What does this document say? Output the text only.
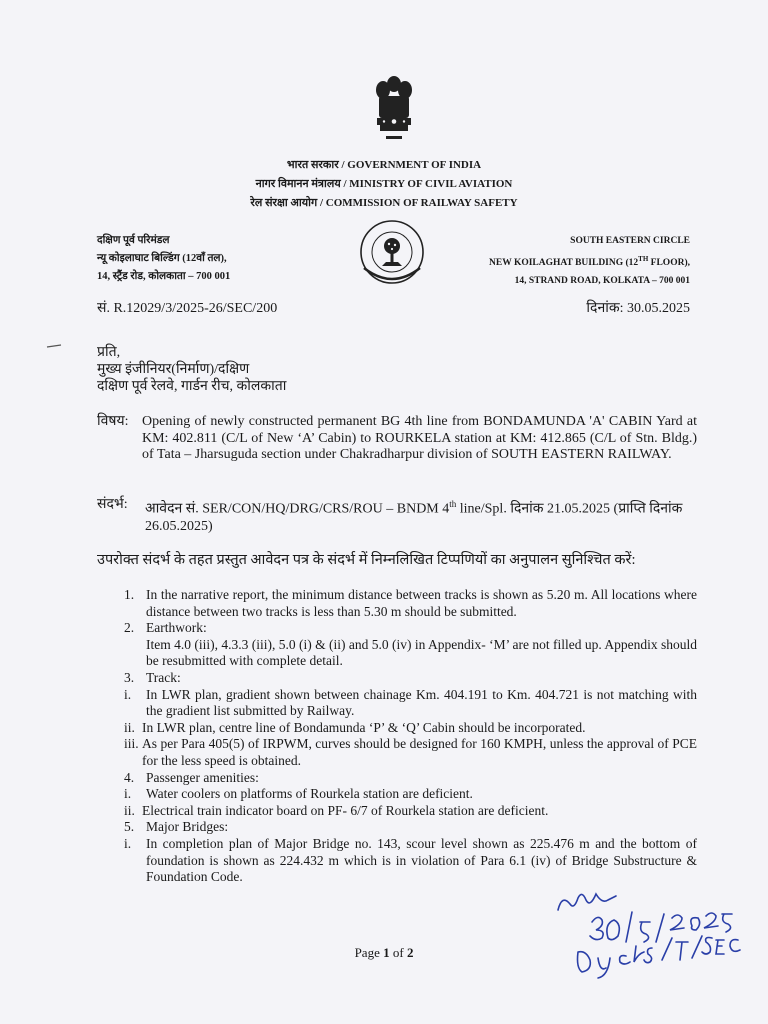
भारत सरकार / GOVERNMENT OF INDIA
नागर विमानन मंत्रालय / MINISTRY OF CIVIL AVIATION
रेल संरक्षा आयोग / COMMISSION OF RAILWAY SAFETY
दक्षिण पूर्व परिमंडल
न्यू कोइलाघाट बिल्डिंग (12वाँ तल),
14, स्ट्रैंड रोड, कोलकाता – 700 001
SOUTH EASTERN CIRCLE
NEW KOILAGHAT BUILDING (12TH FLOOR),
14, STRAND ROAD, KOLKATA – 700 001
सं. R.12029/3/2025-26/SEC/200	दिनांक: 30.05.2025
प्रति,
मुख्य इंजीनियर(निर्माण)/दक्षिण
दक्षिण पूर्व रेलवे, गार्डन रीच, कोलकाता
विषय: Opening of newly constructed permanent BG 4th line from BONDAMUNDA 'A' CABIN Yard at KM: 402.811 (C/L of New ‘A’ Cabin) to ROURKELA station at KM: 412.865 (C/L of Stn. Bldg.) of Tata – Jharsuguda section under Chakradharpur division of SOUTH EASTERN RAILWAY.
संदर्भ: आवेदन सं. SER/CON/HQ/DRG/CRS/ROU – BNDM 4th line/Spl. दिनांक 21.05.2025 (प्राप्ति दिनांक 26.05.2025)
उपरोक्त संदर्भ के तहत प्रस्तुत आवेदन पत्र के संदर्भ में निम्नलिखित टिप्पणियों का अनुपालन सुनिश्चित करें:
1. In the narrative report, the minimum distance between tracks is shown as 5.20 m. All locations where distance between two tracks is less than 5.30 m should be submitted.
2. Earthwork:
Item 4.0 (iii), 4.3.3 (iii), 5.0 (i) & (ii) and 5.0 (iv) in Appendix- ‘M’ are not filled up. Appendix should be resubmitted with complete detail.
3. Track:
i.	In LWR plan, gradient shown between chainage Km. 404.191 to Km. 404.721 is not matching with the gradient list submitted by Railway.
ii. In LWR plan, centre line of Bondamunda ‘P’ & ‘Q’ Cabin should be incorporated.
iii. As per Para 405(5) of IRPWM, curves should be designed for 160 KMPH, unless the approval of PCE for the less speed is obtained.
4. Passenger amenities:
i.	Water coolers on platforms of Rourkela station are deficient.
ii. Electrical train indicator board on PF- 6/7 of Rourkela station are deficient.
5. Major Bridges:
i.	In completion plan of Major Bridge no. 143, scour level shown as 225.476 m and the bottom of foundation is shown as 224.432 m which is in violation of Para 6.1 (iv) of Bridge Substructure & Foundation Code.
Page 1 of 2
